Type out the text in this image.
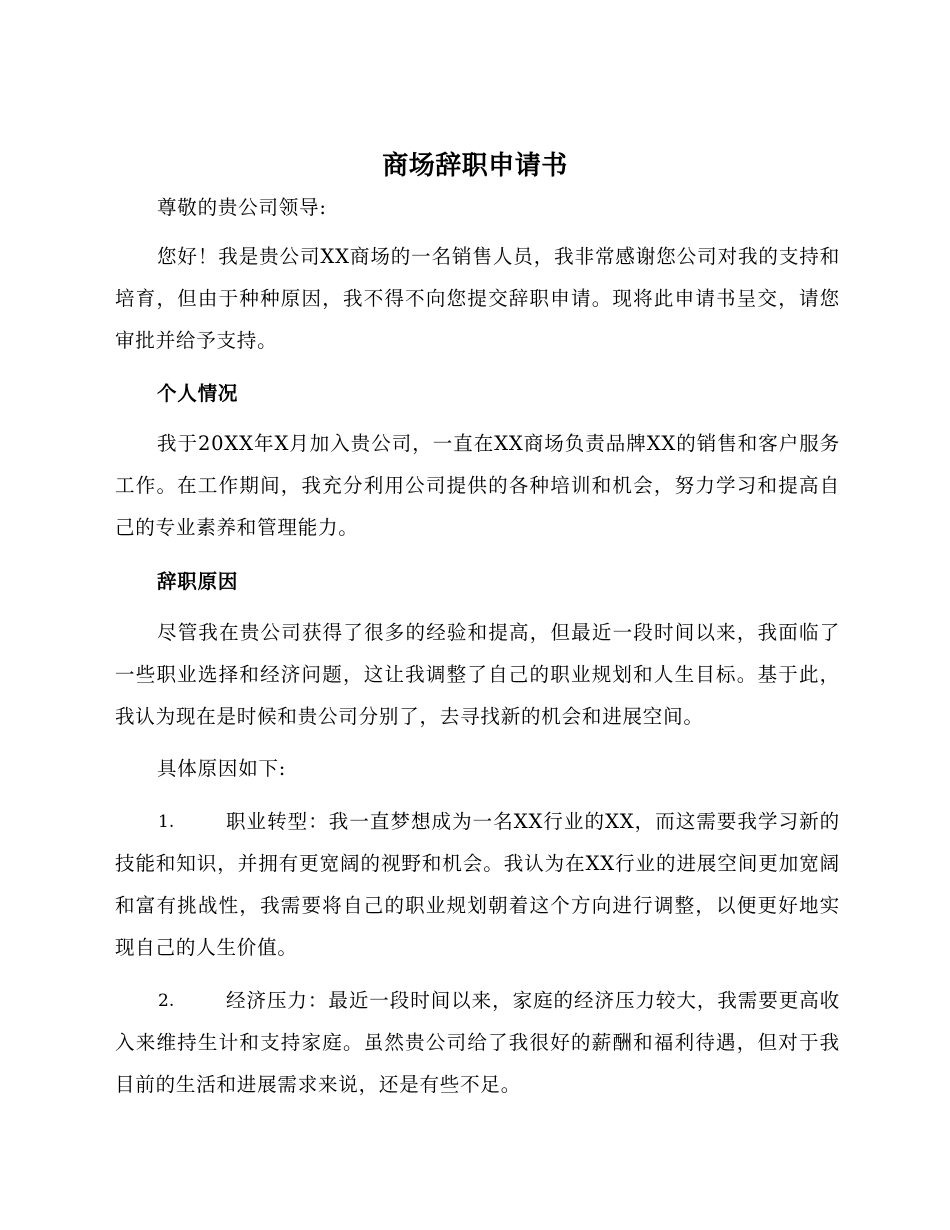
商场辞职申请书
尊敬的贵公司领导:
您好！我是贵公司XX商场的一名销售人员，我非常感谢您公司对我的支持和培育，但由于种种原因，我不得不向您提交辞职申请。现将此申请书呈交，请您审批并给予支持。
个人情况
我于20XX年X月加入贵公司，一直在XX商场负责品牌XX的销售和客户服务工作。在工作期间，我充分利用公司提供的各种培训和机会，努力学习和提高自己的专业素养和管理能力。
辞职原因
尽管我在贵公司获得了很多的经验和提高，但最近一段时间以来，我面临了一些职业选择和经济问题，这让我调整了自己的职业规划和人生目标。基于此，我认为现在是时候和贵公司分别了，去寻找新的机会和进展空间。
具体原因如下:
1.	职业转型：我一直梦想成为一名XX行业的XX，而这需要我学习新的技能和知识，并拥有更宽阔的视野和机会。我认为在XX行业的进展空间更加宽阔和富有挑战性，我需要将自己的职业规划朝着这个方向进行调整，以便更好地实现自己的人生价值。
2.	经济压力：最近一段时间以来，家庭的经济压力较大，我需要更高收入来维持生计和支持家庭。虽然贵公司给了我很好的薪酬和福利待遇，但对于我目前的生活和进展需求来说，还是有些不足。
